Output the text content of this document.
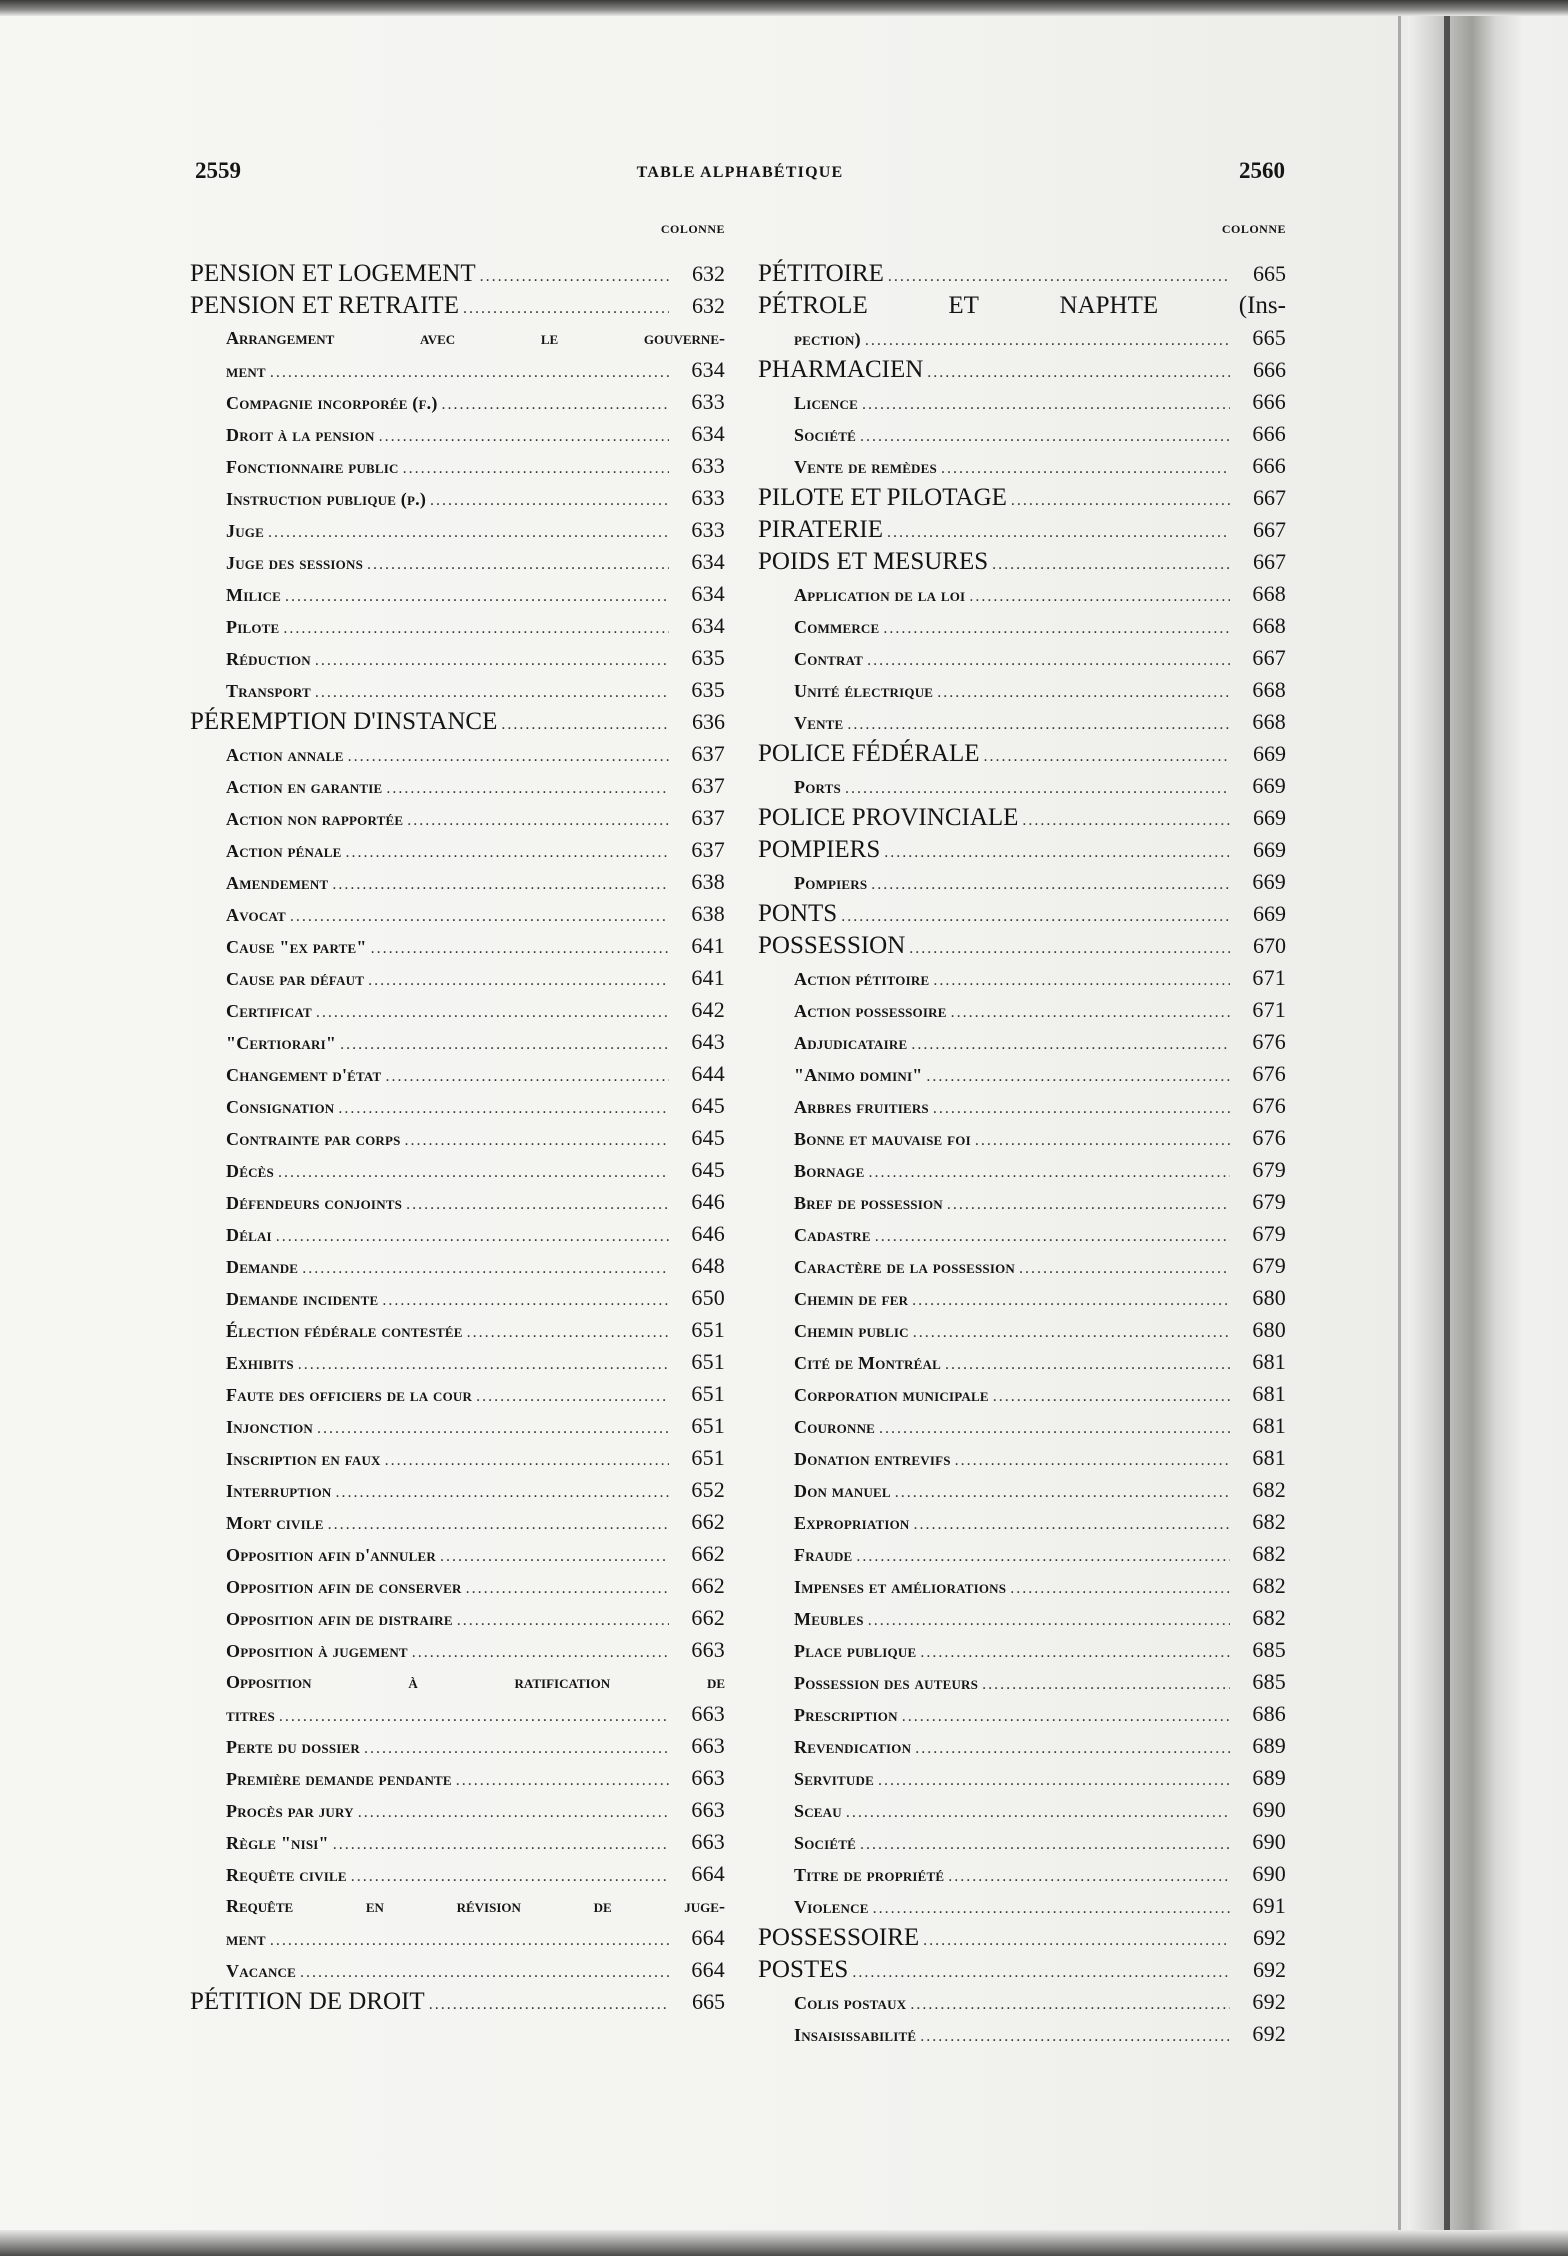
2559	TABLE ALPHABÉTIQUE	2560
COLONNE
PENSION ET LOGEMENT .....	632
PENSION ET RETRAITE .....	632
Arrangement	avec	le	gouverne-
ment .....	634
Compagnie incorporée (f.) .....	633
Droit à la pension .....	634
Fonctionnaire public .....	633
Instruction publique (p.) .....	633
Juge .....	633
Juge des sessions .....	634
Milice .....	634
Pilote .....	634
Réduction .....	635
Transport .....	635
PÉREMPTION D'INSTANCE .....	636
Action annale .....	637
Action en garantie .....	637
Action non rapportée .....	637
Action pénale .....	637
Amendement .....	638
Avocat .....	638
Cause "ex parte" .....	641
Cause par défaut .....	641
Certificat .....	642
"Certiorari" .....	643
Changement d'état .....	644
Consignation .....	645
Contrainte par corps .....	645
Décès .....	645
Défendeurs conjoints .....	646
Délai .....	646
Demande .....	648
Demande incidente .....	650
Élection fédérale contestée .....	651
Exhibits .....	651
Faute des officiers de la cour .....	651
Injonction .....	651
Inscription en faux .....	651
Interruption .....	652
Mort civile .....	662
Opposition afin d'annuler .....	662
Opposition afin de conserver .....	662
Opposition afin de distraire .....	662
Opposition à jugement .....	663
Opposition	à	ratification	de
titres .....	663
Perte du dossier .....	663
Première demande pendante .....	663
Procès par jury .....	663
Règle "nisi" .....	663
Requête civile .....	664
Requête	en	révision	de	juge-
ment .....	664
Vacance .....	664
PÉTITION DE DROIT .....	665
COLONNE
PÉTITOIRE .....	665
PÉTROLE	ET	NAPHTE	(Ins-
pection) .....	665
PHARMACIEN .....	666
Licence .....	666
Société .....	666
Vente de remèdes .....	666
PILOTE ET PILOTAGE .....	667
PIRATERIE .....	667
POIDS ET MESURES .....	667
Application de la loi .....	668
Commerce .....	668
Contrat .....	667
Unité électrique .....	668
Vente .....	668
POLICE FÉDÉRALE .....	669
Ports .....	669
POLICE PROVINCIALE .....	669
POMPIERS .....	669
Pompiers .....	669
PONTS .....	669
POSSESSION .....	670
Action pétitoire .....	671
Action possessoire .....	671
Adjudicataire .....	676
"Animo domini" .....	676
Arbres fruitiers .....	676
Bonne et mauvaise foi .....	676
Bornage .....	679
Bref de possession .....	679
Cadastre .....	679
Caractère de la possession .....	679
Chemin de fer .....	680
Chemin public .....	680
Cité de Montréal .....	681
Corporation municipale .....	681
Couronne .....	681
Donation entrevifs .....	681
Don manuel .....	682
Expropriation .....	682
Fraude .....	682
Impenses et améliorations .....	682
Meubles .....	682
Place publique .....	685
Possession des auteurs .....	685
Prescription .....	686
Revendication .....	689
Servitude .....	689
Sceau .....	690
Société .....	690
Titre de propriété .....	690
Violence .....	691
POSSESSOIRE .....	692
POSTES .....	692
Colis postaux .....	692
Insaisissabilité .....	692
